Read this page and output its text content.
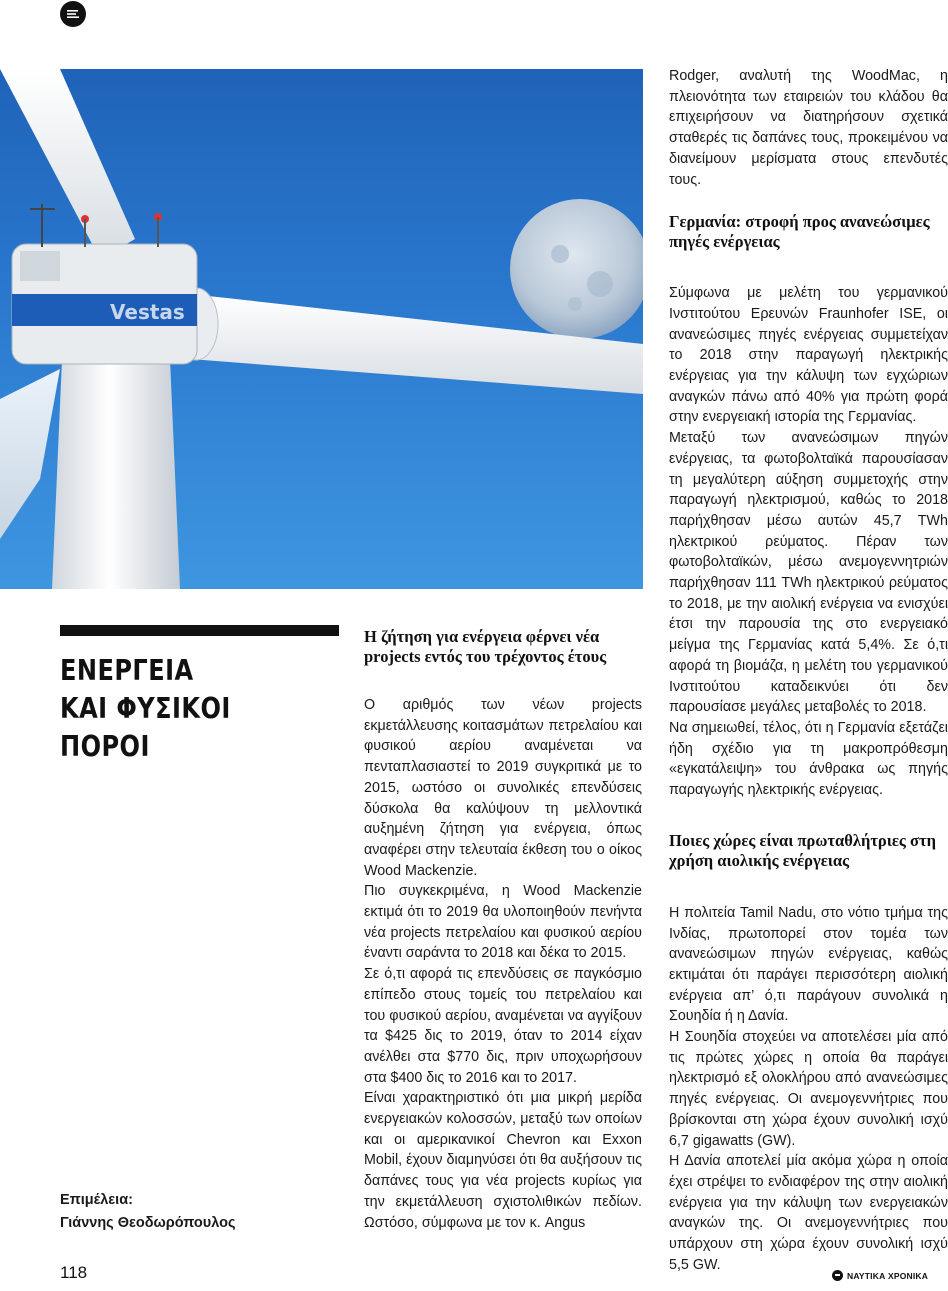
Vestas
ΕΝΕΡΓΕΙΑ
ΚΑΙ ΦΥΣΙΚΟΙ ΠΟΡΟΙ
Επιμέλεια:
Γιάννης Θεοδωρόπουλος
Η ζήτηση για ενέργεια φέρνει νέα projects εντός του τρέχοντος έτους

Ο αριθμός των νέων projects εκμετάλλευσης κοιτασμάτων πετρελαίου και φυσικού αερίου αναμένεται να πενταπλασιαστεί το 2019 συγκριτικά με το 2015, ωστόσο οι συνολικές επενδύσεις δύσκολα θα καλύψουν τη μελλοντικά αυξημένη ζήτηση για ενέργεια, όπως αναφέρει στην τελευταία έκθεση του ο οίκος Wood Mackenzie.

Πιο συγκεκριμένα, η Wood Mackenzie εκτιμά ότι το 2019 θα υλοποιηθούν πενήντα νέα projects πετρελαίου και φυσικού αερίου έναντι σαράντα το 2018 και δέκα το 2015.

Σε ό,τι αφορά τις επενδύσεις σε παγκόσμιο επίπεδο στους τομείς του πετρελαίου και του φυσικού αερίου, αναμένεται να αγγίξουν τα $425 δις το 2019, όταν το 2014 είχαν ανέλθει στα $770 δις, πριν υποχωρήσουν στα $400 δις το 2016 και το 2017.

Είναι χαρακτηριστικό ότι μια μικρή μερίδα ενεργειακών κολοσσών, μεταξύ των οποίων και οι αμερικανικοί Chevron και Exxon Mobil, έχουν διαμηνύσει ότι θα αυξήσουν τις δαπάνες τους για νέα projects κυρίως για την εκμετάλλευση σχιστολιθικών πεδίων. Ωστόσο, σύμφωνα με τον κ. Angus

Rodger, αναλυτή της WoodMac, η πλειονότητα των εταιρειών του κλάδου θα επιχειρήσουν να διατηρήσουν σχετικά σταθερές τις δαπάνες τους, προκειμένου να διανείμουν μερίσματα στους επενδυτές τους.

Γερμανία: στροφή προς ανανεώσιμες πηγές ενέργειας

Σύμφωνα με μελέτη του γερμανικού Ινστιτούτου Ερευνών Fraunhofer ISE, οι ανανεώσιμες πηγές ενέργειας συμμετείχαν το 2018 στην παραγωγή ηλεκτρικής ενέργειας για την κάλυψη των εγχώριων αναγκών πάνω από 40% για πρώτη φορά στην ενεργειακή ιστορία της Γερμανίας.

Μεταξύ των ανανεώσιμων πηγών ενέργειας, τα φωτοβολταϊκά παρουσίασαν τη μεγαλύτερη αύξηση συμμετοχής στην παραγωγή ηλεκτρισμού, καθώς το 2018 παρήχθησαν μέσω αυτών 45,7 TWh ηλεκτρικού ρεύματος. Πέραν των φωτοβολταϊκών, μέσω ανεμογεννητριών παρήχθησαν 111 TWh ηλεκτρικού ρεύματος το 2018, με την αιολική ενέργεια να ενισχύει έτσι την παρουσία της στο ενεργειακό μείγμα της Γερμανίας κατά 5,4%. Σε ό,τι αφορά τη βιομάζα, η μελέτη του γερμανικού Ινστιτούτου καταδεικνύει ότι δεν παρουσίασε μεγάλες μεταβολές το 2018.

Να σημειωθεί, τέλος, ότι η Γερμανία εξετάζει ήδη σχέδιο για τη μακροπρόθεσμη «εγκατάλειψη» του άνθρακα ως πηγής παραγωγής ηλεκτρικής ενέργειας.

Ποιες χώρες είναι πρωταθλήτριες στη χρήση αιολικής ενέργειας

Η πολιτεία Tamil Nadu, στο νότιο τμήμα της Ινδίας, πρωτοπορεί στον τομέα των ανανεώσιμων πηγών ενέργειας, καθώς εκτιμάται ότι παράγει περισσότερη αιολική ενέργεια απ’ ό,τι παράγουν συνολικά η Σουηδία ή η Δανία.

Η Σουηδία στοχεύει να αποτελέσει μία από τις πρώτες χώρες η οποία θα παράγει ηλεκτρισμό εξ ολοκλήρου από ανανεώσιμες πηγές ενέργειας. Οι ανεμογεννήτριες που βρίσκονται στη χώρα έχουν συνολική ισχύ 6,7 gigawatts (GW).

Η Δανία αποτελεί μία ακόμα χώρα η οποία έχει στρέψει το ενδιαφέρον της στην αιολική ενέργεια για την κάλυψη των ενεργειακών αναγκών της. Οι ανεμογεννήτριες που υπάρχουν στη χώρα έχουν συνολική ισχύ 5,5 GW.

118	ΝΑΥΤΙΚΑ ΧΡΟΝΙΚΑ
